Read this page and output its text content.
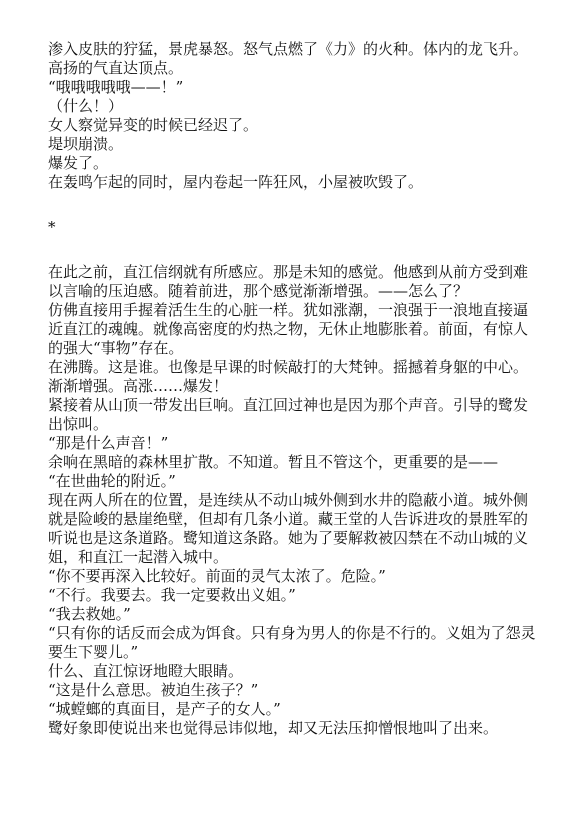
渗入皮肤的狞猛，景虎暴怒。怒气点燃了《力》的火种。体内的龙飞升。高扬的气直达顶点。
“哦哦哦哦哦——！”
（什么！）
女人察觉异变的时候已经迟了。
堤坝崩溃。
爆发了。
在轰鸣乍起的同时，屋内卷起一阵狂风，小屋被吹毁了。
*
在此之前，直江信纲就有所感应。那是未知的感觉。他感到从前方受到难以言喻的压迫感。随着前进，那个感觉渐渐增强。——怎么了？
仿佛直接用手握着活生生的心脏一样。犹如涨潮，一浪强于一浪地直接逼近直江的魂魄。就像高密度的灼热之物，无休止地膨胀着。前面，有惊人的强大“事物”存在。
在沸腾。这是谁。也像是早课的时候敲打的大梵钟。摇撼着身躯的中心。渐渐增强。高涨……爆发！
紧接着从山顶一带发出巨响。直江回过神也是因为那个声音。引导的鹭发出惊叫。
“那是什么声音！”
余响在黑暗的森林里扩散。不知道。暂且不管这个，更重要的是——
“在世曲轮的附近。”
现在两人所在的位置，是连续从不动山城外侧到水井的隐蔽小道。城外侧就是险峻的悬崖绝壁，但却有几条小道。藏王堂的人告诉进攻的景胜军的听说也是这条道路。鹭知道这条路。她为了要解救被囚禁在不动山城的义姐，和直江一起潜入城中。
“你不要再深入比较好。前面的灵气太浓了。危险。”
“不行。我要去。我一定要救出义姐。”
“我去救她。”
“只有你的话反而会成为饵食。只有身为男人的你是不行的。义姐为了怨灵要生下婴儿。”
什么、直江惊讶地瞪大眼睛。
“这是什么意思。被迫生孩子？”
“城螳螂的真面目，是产子的女人。”
鹭好象即使说出来也觉得忌讳似地，却又无法压抑憎恨地叫了出来。
